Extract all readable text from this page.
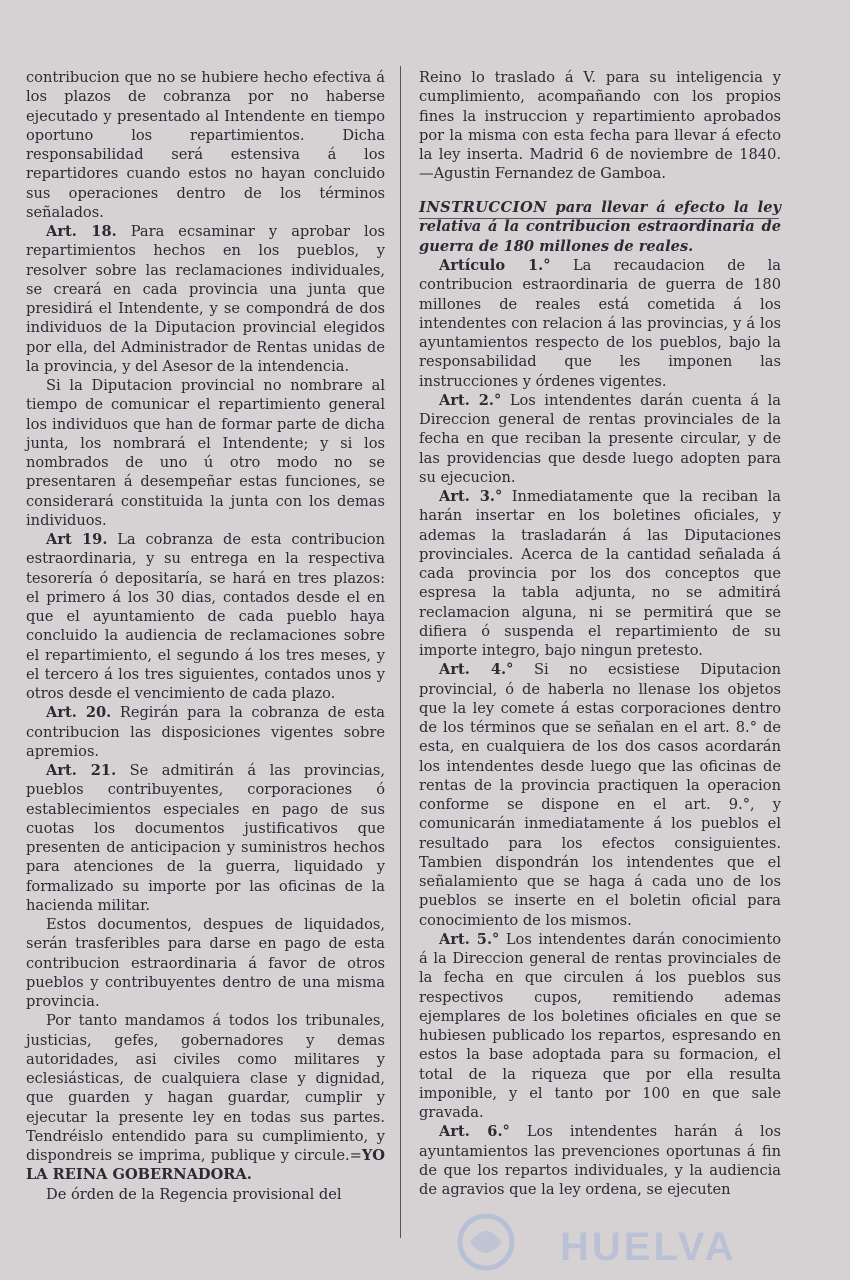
contribucion que no se hubiere hecho efectiva á los plazos de cobranza por no haberse ejecutado y presentado al Intendente en tiempo oportuno los repartimientos. Dicha responsabilidad será estensiva á los repartidores cuando estos no hayan concluido sus operaciones dentro de los términos señalados.

Art. 18. Para ecsaminar y aprobar los repartimientos hechos en los pueblos, y resolver sobre las reclamaciones individuales, se creará en cada provincia una junta que presidirá el Intendente, y se compondrá de dos individuos de la Diputacion provincial elegidos por ella, del Administrador de Rentas unidas de la provincia, y del Asesor de la intendencia.

Si la Diputacion provincial no nombrare al tiempo de comunicar el repartimiento general los individuos que han de formar parte de dicha junta, los nombrará el Intendente; y si los nombrados de uno ú otro modo no se presentaren á desempeñar estas funciones, se considerará constituida la junta con los demas individuos.

Art 19. La cobranza de esta contribucion estraordinaria, y su entrega en la respectiva tesorería ó depositaría, se hará en tres plazos: el primero á los 30 dias, contados desde el en que el ayuntamiento de cada pueblo haya concluido la audiencia de reclamaciones sobre el repartimiento, el segundo á los tres meses, y el tercero á los tres siguientes, contados unos y otros desde el vencimiento de cada plazo.

Art. 20. Regirán para la cobranza de esta contribucion las disposiciones vigentes sobre apremios.

Art. 21. Se admitirán á las provincias, pueblos contribuyentes, corporaciones ó establecimientos especiales en pago de sus cuotas los documentos justificativos que presenten de anticipacion y suministros hechos para atenciones de la guerra, liquidado y formalizado su importe por las oficinas de la hacienda militar.

Estos documentos, despues de liquidados, serán trasferibles para darse en pago de esta contribucion estraordinaria á favor de otros pueblos y contribuyentes dentro de una misma provincia.

Por tanto mandamos á todos los tribunales, justicias, gefes, gobernadores y demas autoridades, asi civiles como militares y eclesiásticas, de cualquiera clase y dignidad, que guarden y hagan guardar, cumplir y ejecutar la presente ley en todas sus partes. Tendréislo entendido para su cumplimiento, y dispondreis se imprima, publique y circule.=YO LA REINA GOBERNADORA.

De órden de la Regencia provisional del

Reino lo traslado á V. para su inteligencia y cumplimiento, acompañando con los propios fines la instruccion y repartimiento aprobados por la misma con esta fecha para llevar á efecto la ley inserta. Madrid 6 de noviembre de 1840.—Agustin Fernandez de Gamboa.

INSTRUCCION para llevar á efecto la ley relativa á la contribucion estraordinaria de guerra de 180 millones de reales.

Artículo 1.° La recaudacion de la contribucion estraordinaria de guerra de 180 millones de reales está cometida á los intendentes con relacion á las provincias, y á los ayuntamientos respecto de los pueblos, bajo la responsabilidad que les imponen las instrucciones y órdenes vigentes.

Art. 2.° Los intendentes darán cuenta á la Direccion general de rentas provinciales de la fecha en que reciban la presente circular, y de las providencias que desde luego adopten para su ejecucion.

Art. 3.° Inmediatamente que la reciban la harán insertar en los boletines oficiales, y ademas la trasladarán á las Diputaciones provinciales. Acerca de la cantidad señalada á cada provincia por los dos conceptos que espresa la tabla adjunta, no se admitirá reclamacion alguna, ni se permitirá que se difiera ó suspenda el repartimiento de su importe integro, bajo ningun pretesto.

Art. 4.° Si no ecsistiese Diputacion provincial, ó de haberla no llenase los objetos que la ley comete á estas corporaciones dentro de los términos que se señalan en el art. 8.° de esta, en cualquiera de los dos casos acordarán los intendentes desde luego que las oficinas de rentas de la provincia practiquen la operacion conforme se dispone en el art. 9.°, y comunicarán inmediatamente á los pueblos el resultado para los efectos consiguientes. Tambien dispondrán los intendentes que el señalamiento que se haga á cada uno de los pueblos se inserte en el boletin oficial para conocimiento de los mismos.

Art. 5.° Los intendentes darán conocimiento á la Direccion general de rentas provinciales de la fecha en que circulen á los pueblos sus respectivos cupos, remitiendo ademas ejemplares de los boletines oficiales en que se hubiesen publicado los repartos, espresando en estos la base adoptada para su formacion, el total de la riqueza que por ella resulta imponible, y el tanto por 100 en que sale gravada.

Art. 6.° Los intendentes harán á los ayuntamientos las prevenciones oportunas á fin de que los repartos individuales, y la audiencia de agravios que la ley ordena, se ejecuten

HUELVA
